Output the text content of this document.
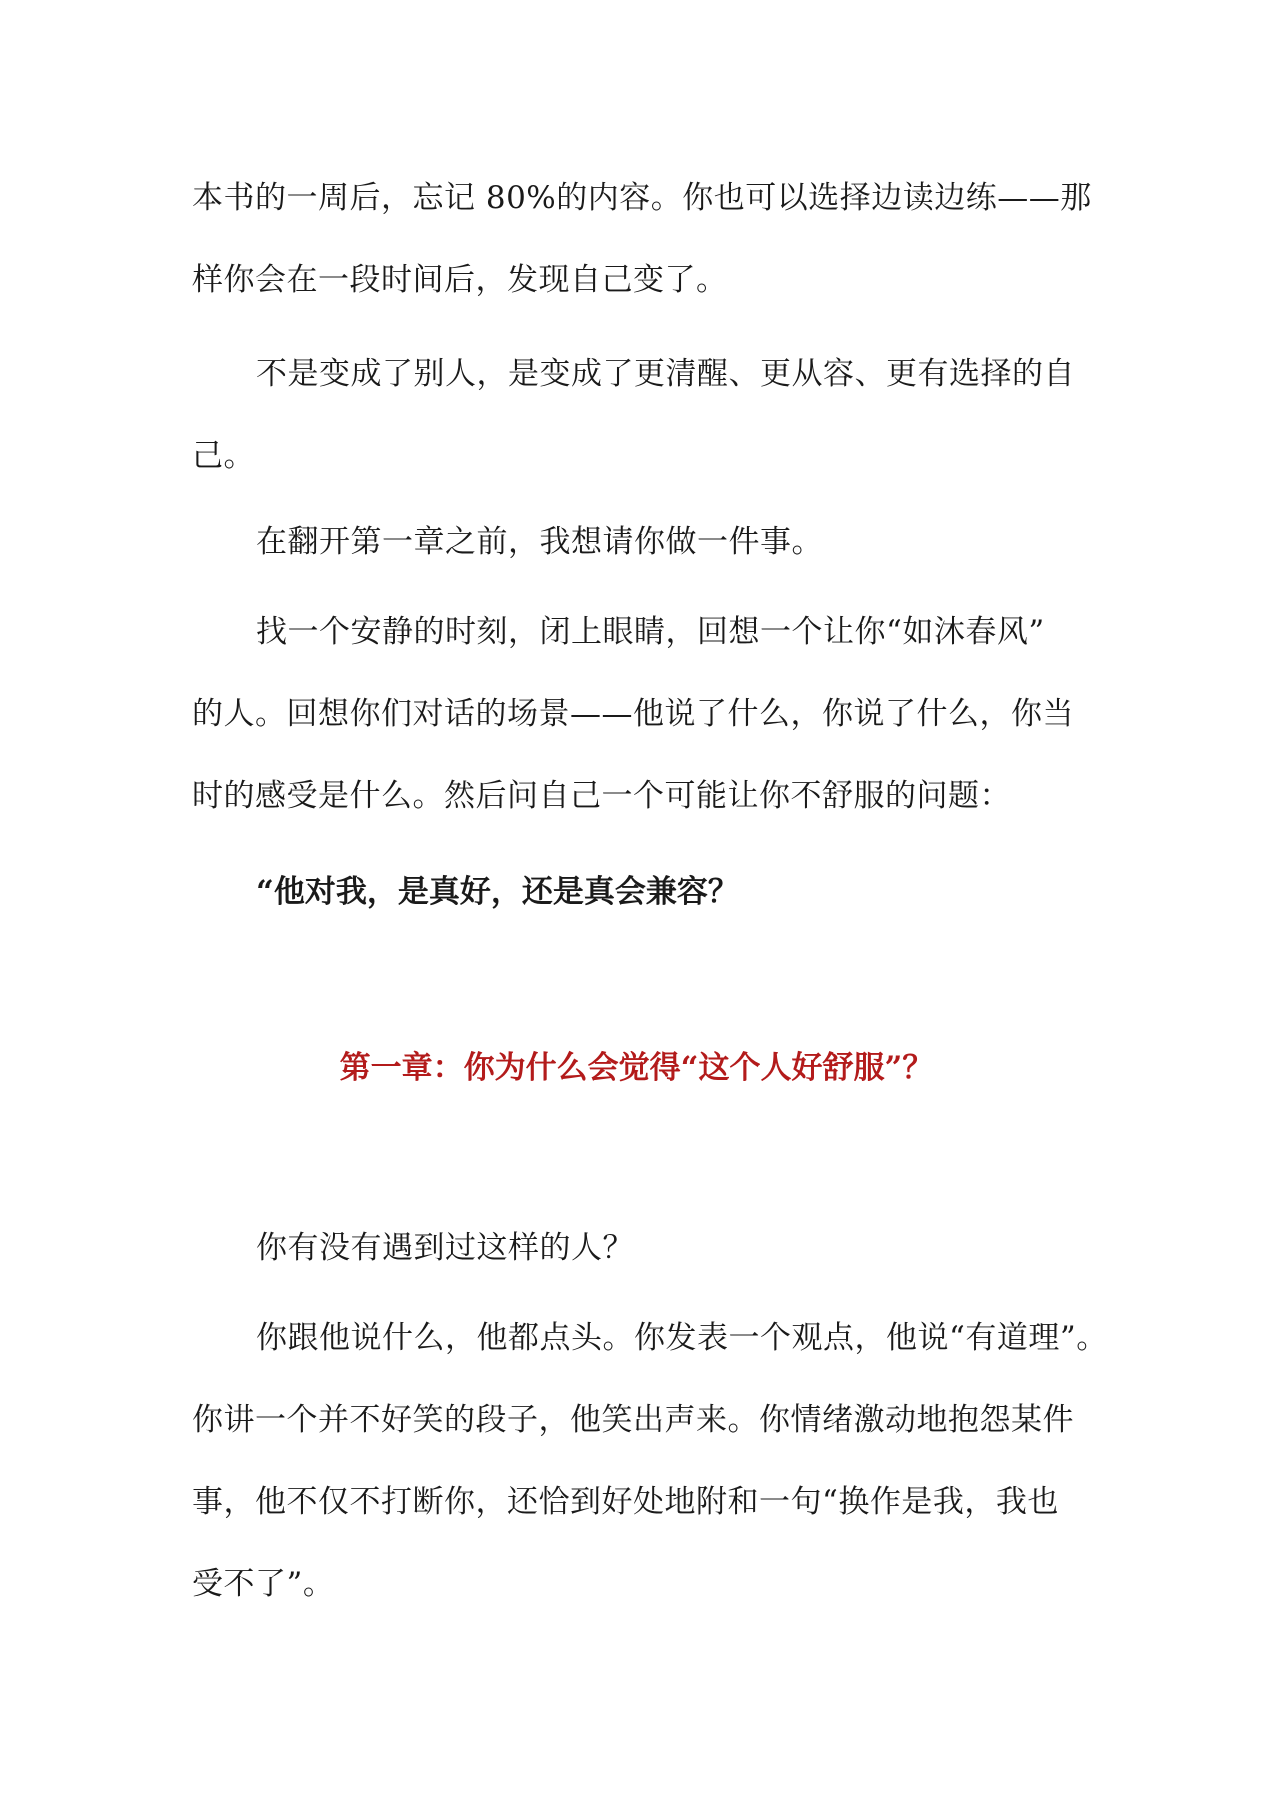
本书的一周后，忘记 80%的内容。你也可以选择边读边练——那
样你会在一段时间后，发现自己变了。
不是变成了别人，是变成了更清醒、更从容、更有选择的自
己。
在翻开第一章之前，我想请你做一件事。
找一个安静的时刻，闭上眼睛，回想一个让你“如沐春风”
的人。回想你们对话的场景——他说了什么，你说了什么，你当
时的感受是什么。然后问自己一个可能让你不舒服的问题：
“他对我，是真好，还是真会兼容？
第一章：你为什么会觉得“这个人好舒服”？
你有没有遇到过这样的人？
你跟他说什么，他都点头。你发表一个观点，他说“有道理”。
你讲一个并不好笑的段子，他笑出声来。你情绪激动地抱怨某件
事，他不仅不打断你，还恰到好处地附和一句“换作是我，我也
受不了”。
